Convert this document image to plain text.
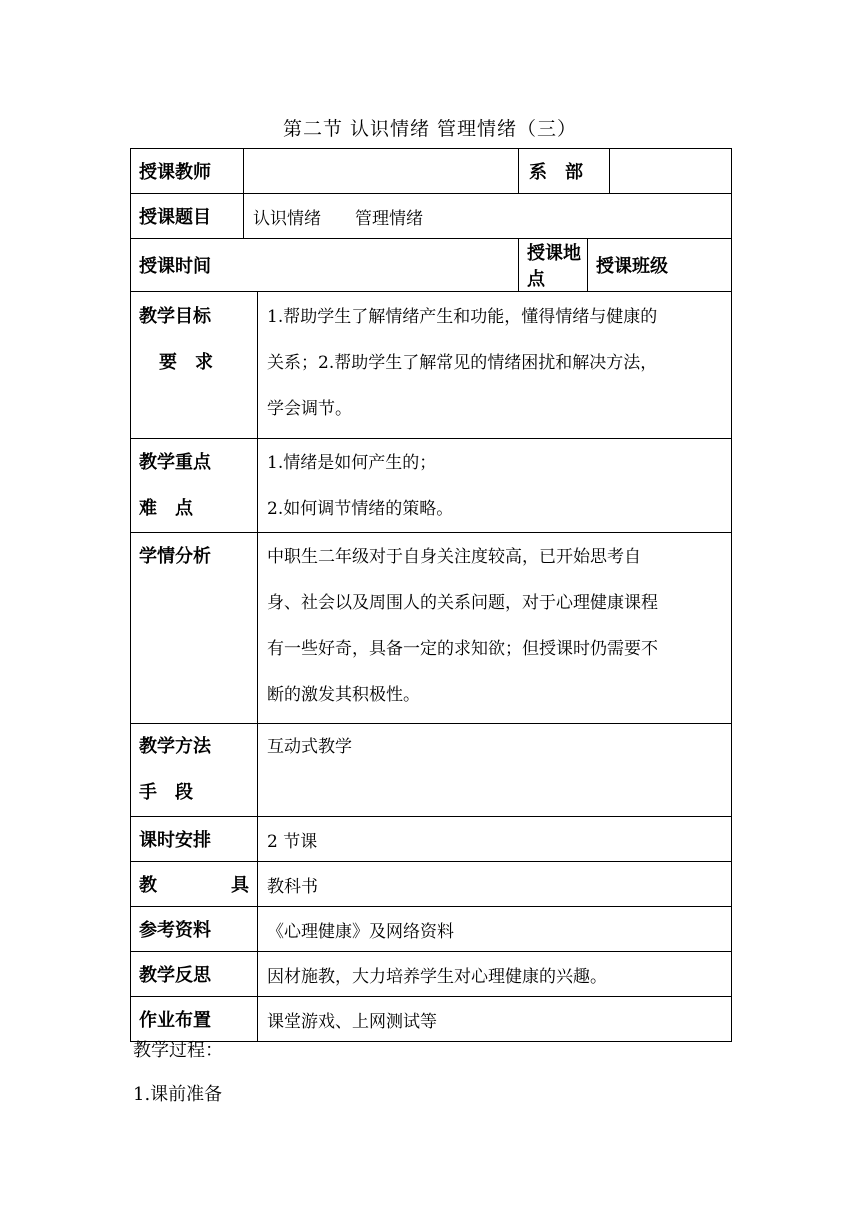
第二节 认识情绪 管理情绪（三）
授课教师			系　部		
授课题目	认识情绪　　管理情绪				
授课时间			授课地点	授课班级	

教学目标
要　求		1.帮助学生了解情绪产生和功能，懂得情绪与健康的
关系；2.帮助学生了解常见的情绪困扰和解决方法，
学会调节。			

教学重点
难　点		1.情绪是如何产生的；
2.如何调节情绪的策略。			

学情分析		中职生二年级对于自身关注度较高，已开始思考自
身、社会以及周围人的关系问题，对于心理健康课程
有一些好奇，具备一定的求知欲；但授课时仍需要不
断的激发其积极性。			

教学方法
手　段		互动式教学			

课时安排		2 节课			
教 具		教科书			
参考资料		《心理健康》及网络资料			
教学反思		因材施教，大力培养学生对心理健康的兴趣。			
作业布置		课堂游戏、上网测试等			
教学过程：
1.课前准备
